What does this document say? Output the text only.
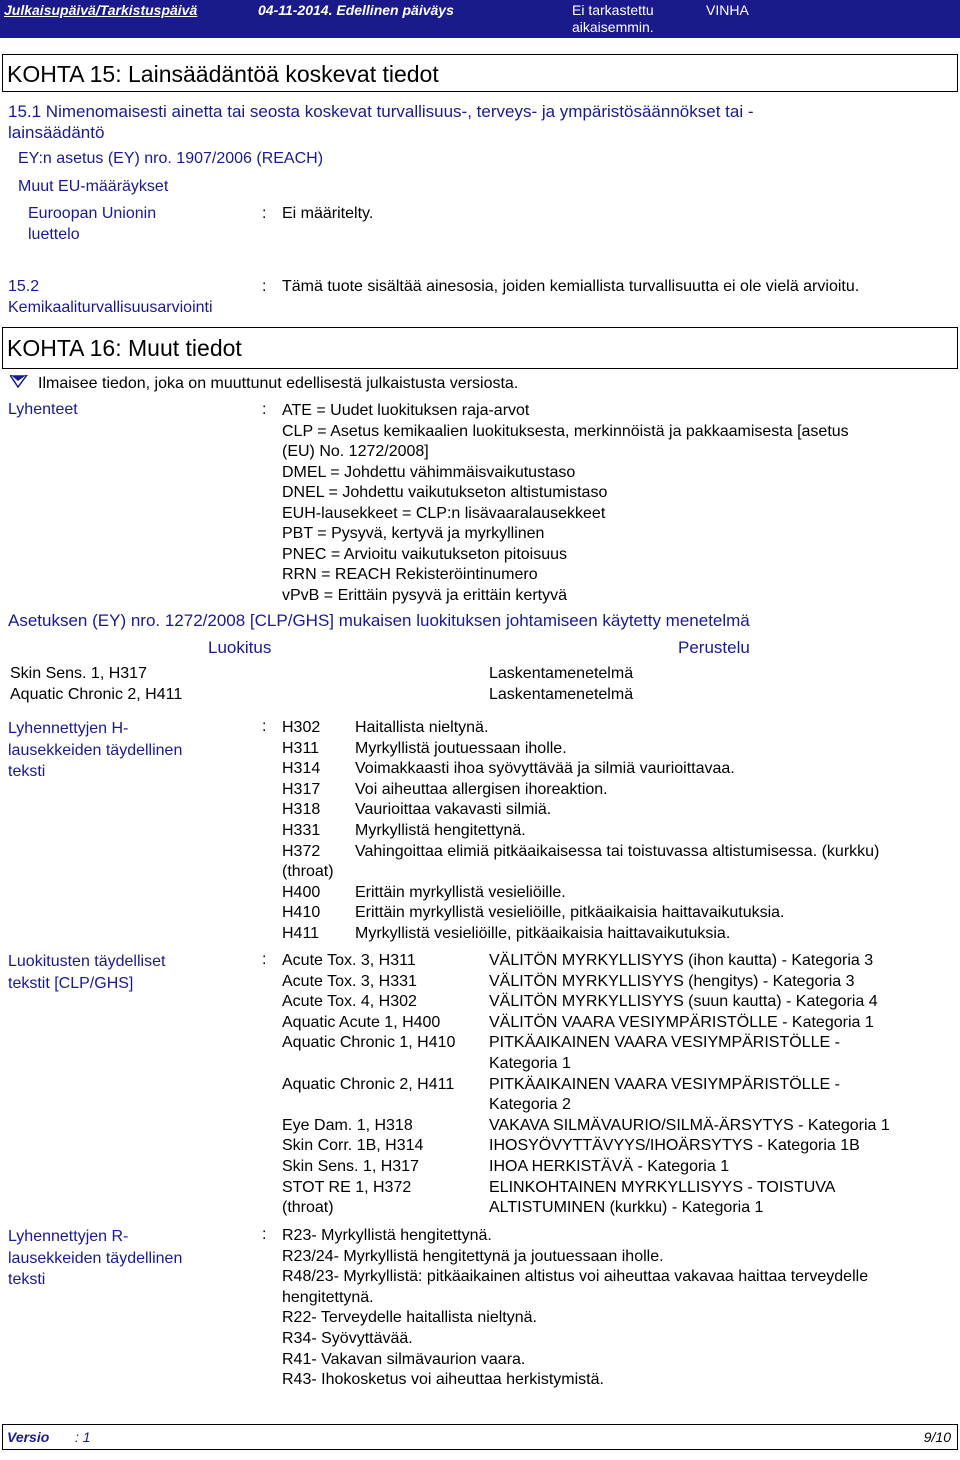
Julkaisupäivä/Tarkistuspäivä	04-11-2014. Edellinen päiväys	Ei tarkastettu
aikaisemmin.
VINHA
KOHTA 15: Lainsäädäntöä koskevat tiedot
15.1 Nimenomaisesti ainetta tai seosta koskevat turvallisuus-, terveys- ja ympäristösäännökset tai -
lainsäädäntö
EY:n asetus (EY) nro. 1907/2006 (REACH)
Muut EU-määräykset
Euroopan Unionin
luettelo
: Ei määritelty.
15.2
Kemikaaliturvallisuusarviointi
: Tämä tuote sisältää ainesosia, joiden kemiallista turvallisuutta ei ole vielä arvioitu.
KOHTA 16: Muut tiedot
Ilmaisee tiedon, joka on muuttunut edellisestä julkaistusta versiosta.
Lyhenteet	: ATE = Uudet luokituksen raja-arvot
CLP = Asetus kemikaalien luokituksesta, merkinnöistä ja pakkaamisesta [asetus
(EU) No. 1272/2008]
DMEL = Johdettu vähimmäisvaikutustaso
DNEL = Johdettu vaikutukseton altistumistaso
EUH-lausekkeet = CLP:n lisävaaralausekkeet
PBT = Pysyvä, kertyvä ja myrkyllinen
PNEC = Arvioitu vaikutukseton pitoisuus
RRN = REACH Rekisteröintinumero
vPvB = Erittäin pysyvä ja erittäin kertyvä
Asetuksen (EY) nro. 1272/2008 [CLP/GHS] mukaisen luokituksen johtamiseen käytetty menetelmä
Luokitus	Perustelu
Skin Sens. 1, H317	Laskentamenetelmä
Aquatic Chronic 2, H411	Laskentamenetelmä
Lyhennettyjen H-
lausekkeiden täydellinen
teksti
: H302 Haitallista nieltynä.
H311 Myrkyllistä joutuessaan iholle.
H314 Voimakkaasti ihoa syövyttävää ja silmiä vaurioittavaa.
H317 Voi aiheuttaa allergisen ihoreaktion.
H318 Vaurioittaa vakavasti silmiä.
H331 Myrkyllistä hengitettynä.
H372 Vahingoittaa elimiä pitkäaikaisessa tai toistuvassa altistumisessa. (kurkku)
(throat)
H400 Erittäin myrkyllistä vesieliöille.
H410 Erittäin myrkyllistä vesieliöille, pitkäaikaisia haittavaikutuksia.
H411 Myrkyllistä vesieliöille, pitkäaikaisia haittavaikutuksia.
Luokitusten täydelliset
tekstit [CLP/GHS]
: Acute Tox. 3, H311	VÄLITÖN MYRKYLLISYYS (ihon kautta) - Kategoria 3
Acute Tox. 3, H331	VÄLITÖN MYRKYLLISYYS (hengitys) - Kategoria 3
Acute Tox. 4, H302	VÄLITÖN MYRKYLLISYYS (suun kautta) - Kategoria 4
Aquatic Acute 1, H400	VÄLITÖN VAARA VESIYMPÄRISTÖLLE - Kategoria 1
Aquatic Chronic 1, H410 PITKÄAIKAINEN VAARA VESIYMPÄRISTÖLLE -
Kategoria 1
Aquatic Chronic 2, H411 PITKÄAIKAINEN VAARA VESIYMPÄRISTÖLLE -
Kategoria 2
Eye Dam. 1, H318	VAKAVA SILMÄVAURIO/SILMÄ-ÄRSYTYS - Kategoria 1
Skin Corr. 1B, H314	IHOSYÖVYTTÄVYYS/IHOÄRSYTYS - Kategoria 1B
Skin Sens. 1, H317	IHOA HERKISTÄVÄ - Kategoria 1
STOT RE 1, H372	ELINKOHTAINEN MYRKYLLISYYS - TOISTUVA
(throat)	ALTISTUMINEN (kurkku) - Kategoria 1
Lyhennettyjen R-
lausekkeiden täydellinen
teksti
: R23- Myrkyllistä hengitettynä.
R23/24- Myrkyllistä hengitettynä ja joutuessaan iholle.
R48/23- Myrkyllistä: pitkäaikainen altistus voi aiheuttaa vakavaa haittaa terveydelle
hengitettynä.
R22- Terveydelle haitallista nieltynä.
R34- Syövyttävää.
R41- Vakavan silmävaurion vaara.
R43- Ihokosketus voi aiheuttaa herkistymistä.
Versio : 1	9/10
